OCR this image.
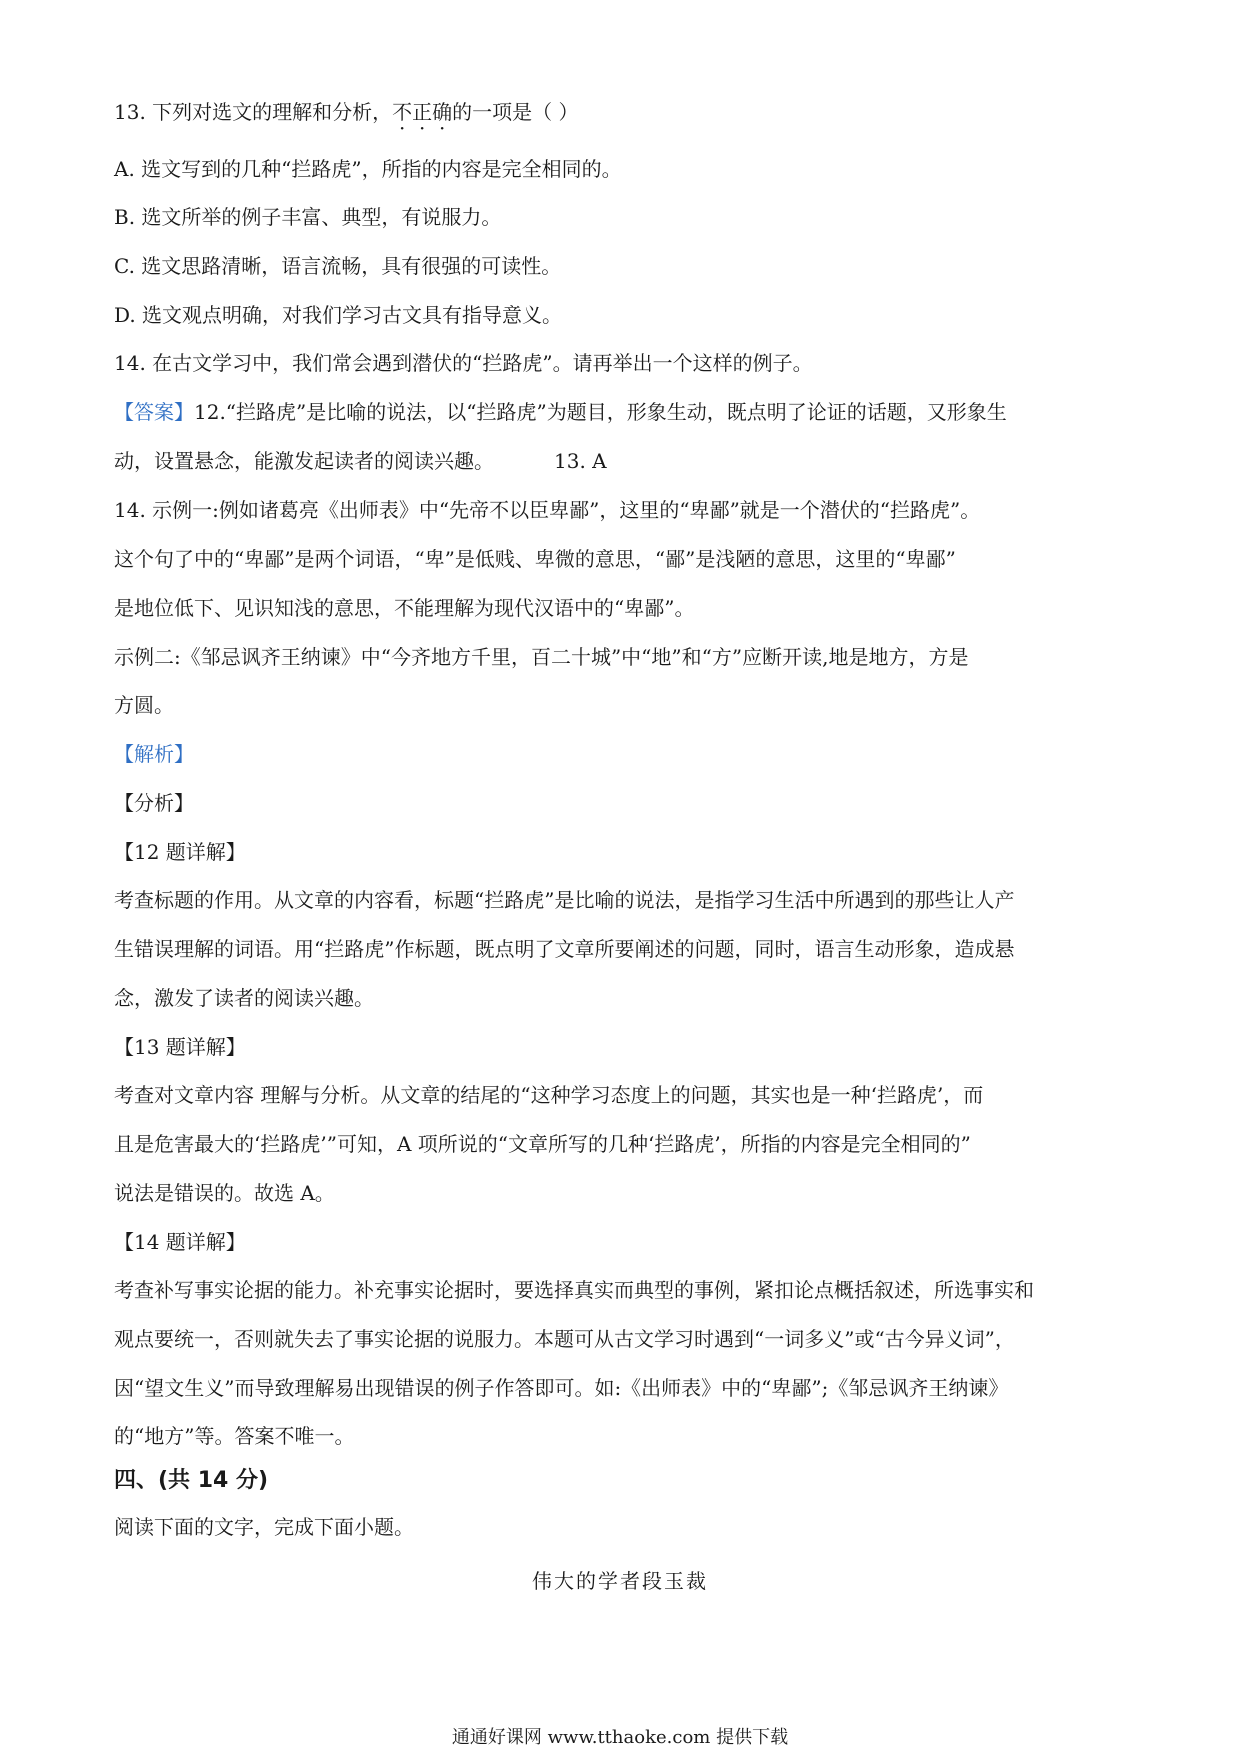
13. 下列对选文的理解和分析，不正确的一项是（ ）
A. 选文写到的几种“拦路虎”，所指的内容是完全相同的。
B. 选文所举的例子丰富、典型，有说服力。
C. 选文思路清晰，语言流畅，具有很强的可读性。
D. 选文观点明确，对我们学习古文具有指导意义。
14. 在古文学习中，我们常会遇到潜伏的“拦路虎”。请再举出一个这样的例子。
【答案】12.“拦路虎”是比喻的说法，以“拦路虎”为题目，形象生动，既点明了论证的话题，又形象生
动，设置悬念，能激发起读者的阅读兴趣。	13. A
14. 示例一:例如诸葛亮《出师表》中“先帝不以臣卑鄙”，这里的“卑鄙”就是一个潜伏的“拦路虎”。
这个句了中的“卑鄙”是两个词语，“卑”是低贱、卑微的意思，“鄙”是浅陋的意思，这里的“卑鄙”
是地位低下、见识知浅的意思，不能理解为现代汉语中的“卑鄙”。
示例二:《邹忌讽齐王纳谏》中“今齐地方千里，百二十城”中“地”和“方”应断开读,地是地方，方是
方圆。
【解析】
【分析】
【12 题详解】
考查标题的作用。从文章的内容看，标题“拦路虎”是比喻的说法，是指学习生活中所遇到的那些让人产
生错误理解的词语。用“拦路虎”作标题，既点明了文章所要阐述的问题，同时，语言生动形象，造成悬
念，激发了读者的阅读兴趣。
【13 题详解】
考查对文章内容 理解与分析。从文章的结尾的“这种学习态度上的问题，其实也是一种‘拦路虎’，而
且是危害最大的‘拦路虎’”可知，A 项所说的“文章所写的几种‘拦路虎’，所指的内容是完全相同的”
说法是错误的。故选 A。
【14 题详解】
考查补写事实论据的能力。补充事实论据时，要选择真实而典型的事例，紧扣论点概括叙述，所选事实和
观点要统一，否则就失去了事实论据的说服力。本题可从古文学习时遇到“一词多义”或“古今异义词”，
因“望文生义”而导致理解易出现错误的例子作答即可。如:《出师表》中的“卑鄙”;《邹忌讽齐王纳谏》
的“地方”等。答案不唯一。
四、(共 14 分)
阅读下面的文字，完成下面小题。
伟大的学者段玉裁
通通好课网 www.tthaoke.com 提供下载
